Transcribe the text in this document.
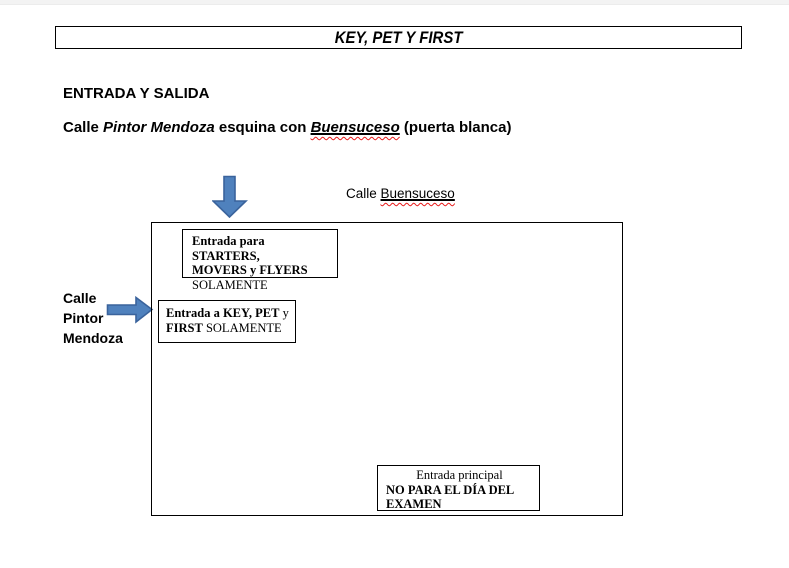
KEY, PET Y FIRST
ENTRADA Y SALIDA

Calle Pintor Mendoza esquina con Buensuceso (puerta blanca)

Calle Buensuceso
Calle
Pintor
Mendoza
Entrada para STARTERS,
MOVERS y FLYERS
SOLAMENTE
Entrada a KEY, PET y
FIRST SOLAMENTE
Entrada principal
NO PARA EL DÍA DEL
EXAMEN
